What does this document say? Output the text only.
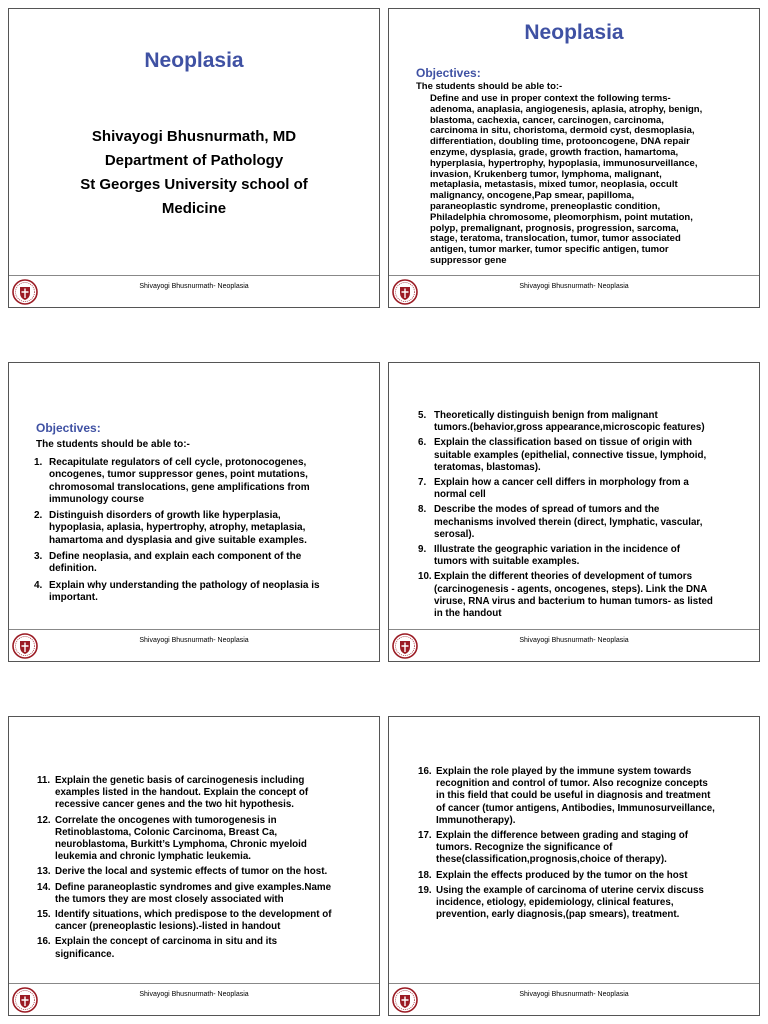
Neoplasia
Shivayogi Bhusnurmath, MD
Department of Pathology
St Georges University school of
Medicine
Shivayogi Bhusnurmath- Neoplasia
Neoplasia
Objectives:
The students should be able to:-
Define and use in proper context the following terms-
adenoma, anaplasia, angiogenesis, aplasia, atrophy, benign,
blastoma, cachexia, cancer, carcinogen, carcinoma,
carcinoma in situ, choristoma, dermoid cyst, desmoplasia,
differentiation, doubling time, protooncogene, DNA repair
enzyme, dysplasia, grade, growth fraction, hamartoma,
hyperplasia, hypertrophy, hypoplasia, immunosurveillance,
invasion, Krukenberg tumor, lymphoma, malignant,
metaplasia, metastasis, mixed tumor, neoplasia, occult
malignancy, oncogene,Pap smear, papilloma,
paraneoplastic syndrome, preneoplastic condition,
Philadelphia chromosome, pleomorphism, point mutation,
polyp, premalignant, prognosis, progression, sarcoma,
stage, teratoma, translocation, tumor, tumor associated
antigen, tumor marker, tumor specific antigen, tumor
suppressor gene
Shivayogi Bhusnurmath- Neoplasia
Objectives:
The students should be able to:-
1. Recapitulate regulators of cell cycle, protonocogenes,
oncogenes, tumor suppressor genes, point mutations,
chromosomal translocations, gene amplifications from
immunology course
2. Distinguish disorders of growth like hyperplasia,
hypoplasia, aplasia, hypertrophy, atrophy, metaplasia,
hamartoma and dysplasia and give suitable examples.
3. Define neoplasia, and explain each component of the
definition.
4. Explain why understanding the pathology of neoplasia is
important.
Shivayogi Bhusnurmath- Neoplasia
5. Theoretically distinguish benign from malignant
tumors.(behavior,gross appearance,microscopic features)
6. Explain the classification based on tissue of origin with
suitable examples (epithelial, connective tissue, lymphoid,
teratomas, blastomas).
7. Explain how a cancer cell differs in morphology from a
normal cell
8. Describe the modes of spread of tumors and the
mechanisms involved therein (direct, lymphatic, vascular,
serosal).
9. Illustrate the geographic variation in the incidence of
tumors with suitable examples.
10. Explain the different theories of development of tumors
(carcinogenesis - agents, oncogenes, steps). Link the DNA
viruse, RNA virus and bacterium to human tumors- as listed
in the handout
Shivayogi Bhusnurmath- Neoplasia
11. Explain the genetic basis of carcinogenesis including
examples listed in the handout. Explain the concept of
recessive cancer genes and the two hit hypothesis.
12. Correlate the oncogenes with tumorogenesis in
Retinoblastoma, Colonic Carcinoma, Breast Ca,
neuroblastoma, Burkitt’s Lymphoma, Chronic myeloid
leukemia and chronic lymphatic leukemia.
13. Derive the local and systemic effects of tumor on the host.
14. Define paraneoplastic syndromes and give examples.Name
the tumors they are most closely associated with
15. Identify situations, which predispose to the development of
cancer (preneoplastic lesions).-listed in handout
16. Explain the concept of carcinoma in situ and its
significance.
Shivayogi Bhusnurmath- Neoplasia
16. Explain the role played by the immune system towards
recognition and control of tumor. Also recognize concepts
in this field that could be useful in diagnosis and treatment
of cancer (tumor antigens, Antibodies, Immunosurveillance,
Immunotherapy).
17. Explain the difference between grading and staging of
tumors. Recognize the significance of
these(classification,prognosis,choice of therapy).
18. Explain the effects produced by the tumor on the host
19. Using the example of carcinoma of uterine cervix discuss
incidence, etiology, epidemiology, clinical features,
prevention, early diagnosis,(pap smears), treatment.
Shivayogi Bhusnurmath- Neoplasia
